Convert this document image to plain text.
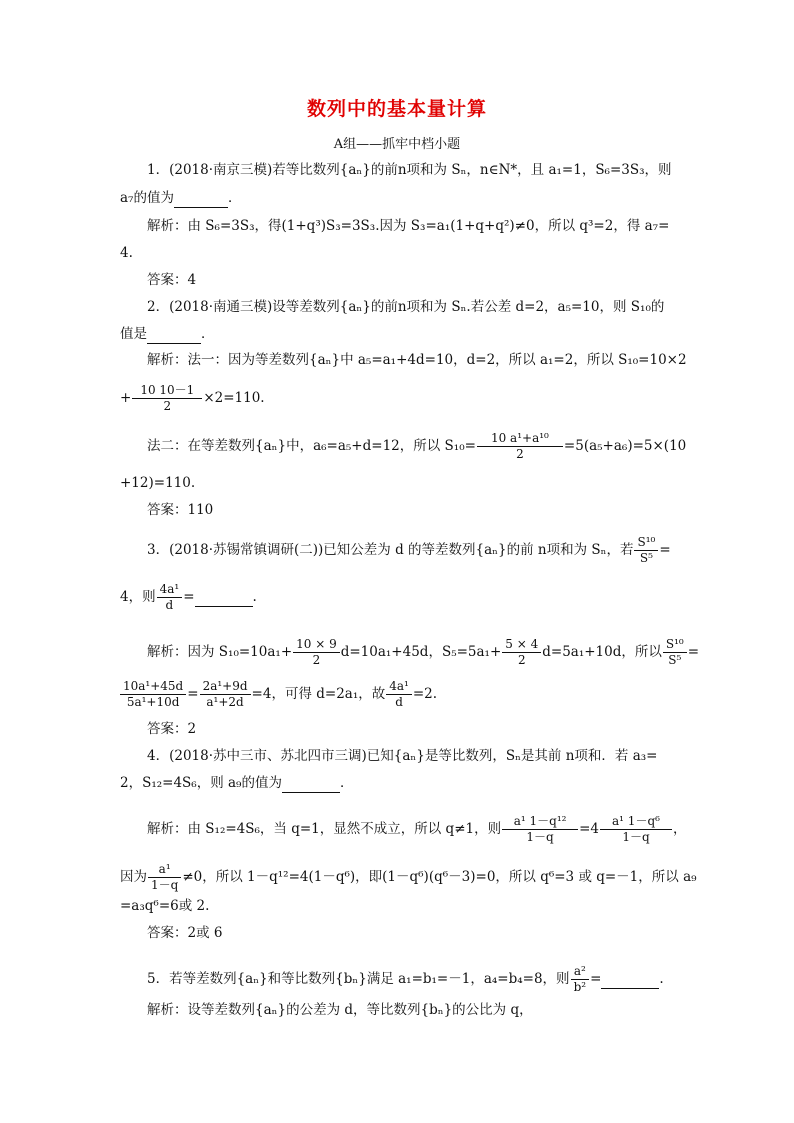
数列中的基本量计算
A组——抓牢中档小题
1．(2018·南京三模)若等比数列{aₙ}的前n项和为 Sₙ，n∈N*，且 a₁=1，S₆=3S₃，则
a₇的值为	．
解析：由 S₆=3S₃，得(1+q³)S₃=3S₃.因为 S₃=a₁(1+q+q²)≠0，所以 q³=2，得 a₇=
4.
答案：4
2．(2018·南通三模)设等差数列{aₙ}的前n项和为 Sₙ.若公差 d=2，a₅=10，则 S₁₀的
值是	．
解析：法一：因为等差数列{aₙ}中 a₅=a₁+4d=10，d=2，所以 a₁=2，所以 S₁₀=10×2
+ $\frac{10 10-1}{2} \times 2=110$.
法二：在等差数列{aₙ}中，a₆=a₅+d=12，所以 $S_{10}= \frac{\text{10 a¹+a¹⁰}}{2} =5(a_5+a_6)=5\times(10$
+12)=110.
答案：110
3．(2018·苏锡常镇调研(二))已知公差为 d 的等差数列{aₙ}的前 n项和为 Sₙ，若 $\frac{\text{S¹⁰}}{\text{S⁵}}$ =
4，则 $\frac{\text{4a¹}}{d}$ =	.
解析：因为 $S_{10}=10a_1+ \frac{10 \times 9}{2} d=10a_1+45d$，$S_5=5a_1+ \frac{5 \times 4}{2} d=5a_1+10d$，所以 $\frac{\text{S¹⁰}}{\text{S⁵}}$ =
$\frac{\text{10a¹+45d}}{\text{5a¹+10d}} = \frac{\text{2a¹+9d}}{\text{a¹+2d}} =4$，可得 d=2a₁，故 $\frac{\text{4a¹}}{d} =2$.
答案：2
4．(2018·苏中三市、苏北四市三调)已知{aₙ}是等比数列，Sₙ是其前 n项和．若 a₃=
2，S₁₂=4S₆，则 a₉的值为	．
解析：由 S₁₂=4S₆，当 q=1，显然不成立，所以 q≠1，则 $\frac{\text{a¹ 1－q¹²}}{1-q} =4 \frac{\text{a¹ 1－q⁶}}{1-q}$ ，
因为 $\frac{\text{a¹}}{1-q} \ne 0$，所以 1－q¹²=4(1－q⁶)，即(1－q⁶)(q⁶－3)=0，所以 q⁶=3 或 q=－1，所以 a₉
=a₃q⁶=6或 2.
答案：2或 6
5．若等差数列{aₙ}和等比数列{bₙ}满足 a₁=b₁=－1，a₄=b₄=8，则 $\frac{\text{a²}}{\text{b²}}$ =	.
解析：设等差数列{aₙ}的公差为 d，等比数列{bₙ}的公比为 q，
